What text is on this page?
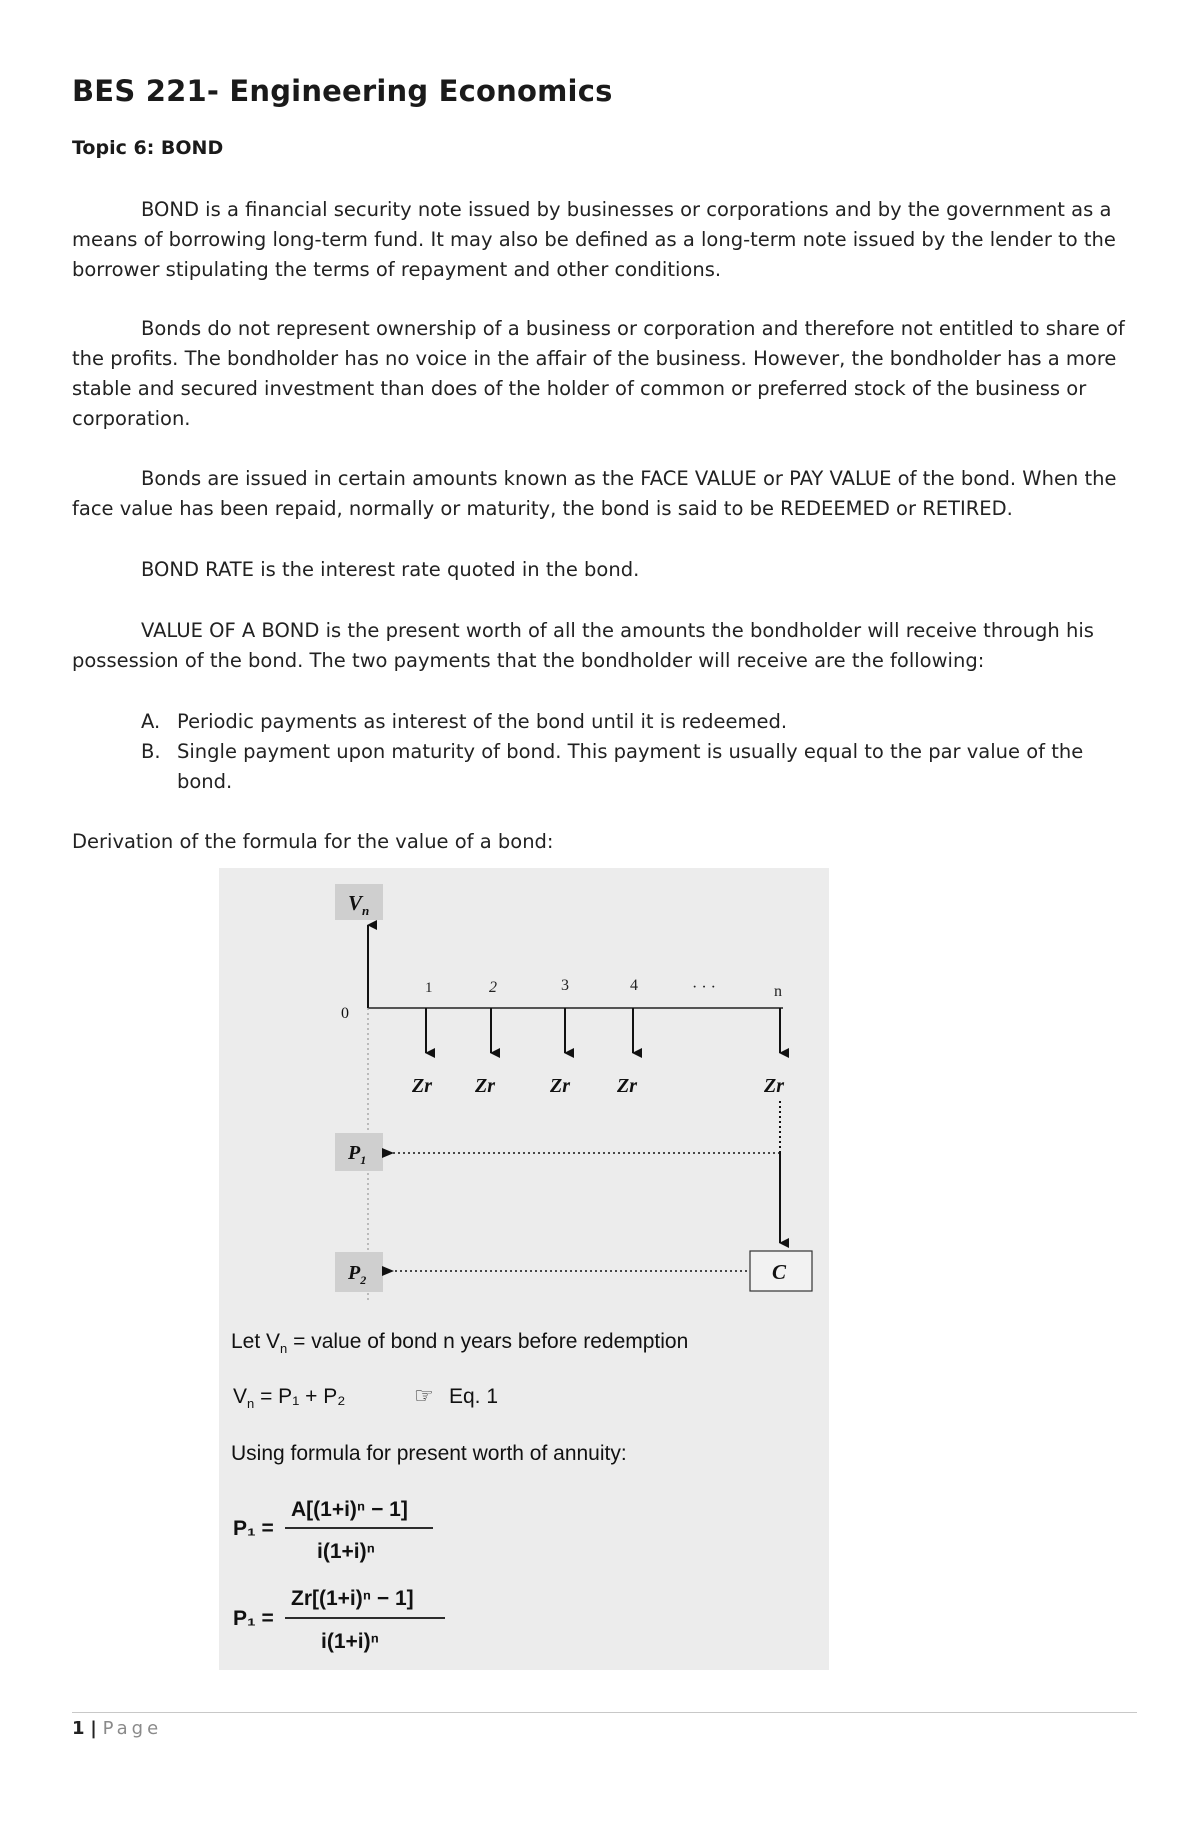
BES 221- Engineering Economics
Topic 6: BOND

BOND is a financial security note issued by businesses or corporations and by the government as a means of borrowing long-term fund. It may also be defined as a long-term note issued by the lender to the borrower stipulating the terms of repayment and other conditions.

Bonds do not represent ownership of a business or corporation and therefore not entitled to share of the profits. The bondholder has no voice in the affair of the business. However, the bondholder has a more stable and secured investment than does of the holder of common or preferred stock of the business or corporation.

Bonds are issued in certain amounts known as the FACE VALUE or PAY VALUE of the bond. When the face value has been repaid, normally or maturity, the bond is said to be REDEEMED or RETIRED.

BOND RATE is the interest rate quoted in the bond.

VALUE OF A BOND is the present worth of all the amounts the bondholder will receive through his possession of the bond. The two payments that the bondholder will receive are the following:

A. Periodic payments as interest of the bond until it is redeemed.
B. Single payment upon maturity of bond. This payment is usually equal to the par value of the bond.

Derivation of the formula for the value of a bond:

$V_n$
0
1	2	3	4	· · ·	n
Zr Zr	Zr Zr	Zr
$P_1$
C
$P_2$
Let $V_n$ = value of bond n years before redemption
$V_n = P_1 + P_2$	☞ Eq. 1
Using formula for present worth of annuity:
P₁ =
A[(1+i)ⁿ − 1]
i(1+i)ⁿ
P₁ =
Zr[(1+i)ⁿ − 1]
i(1+i)ⁿ
1 | Page
